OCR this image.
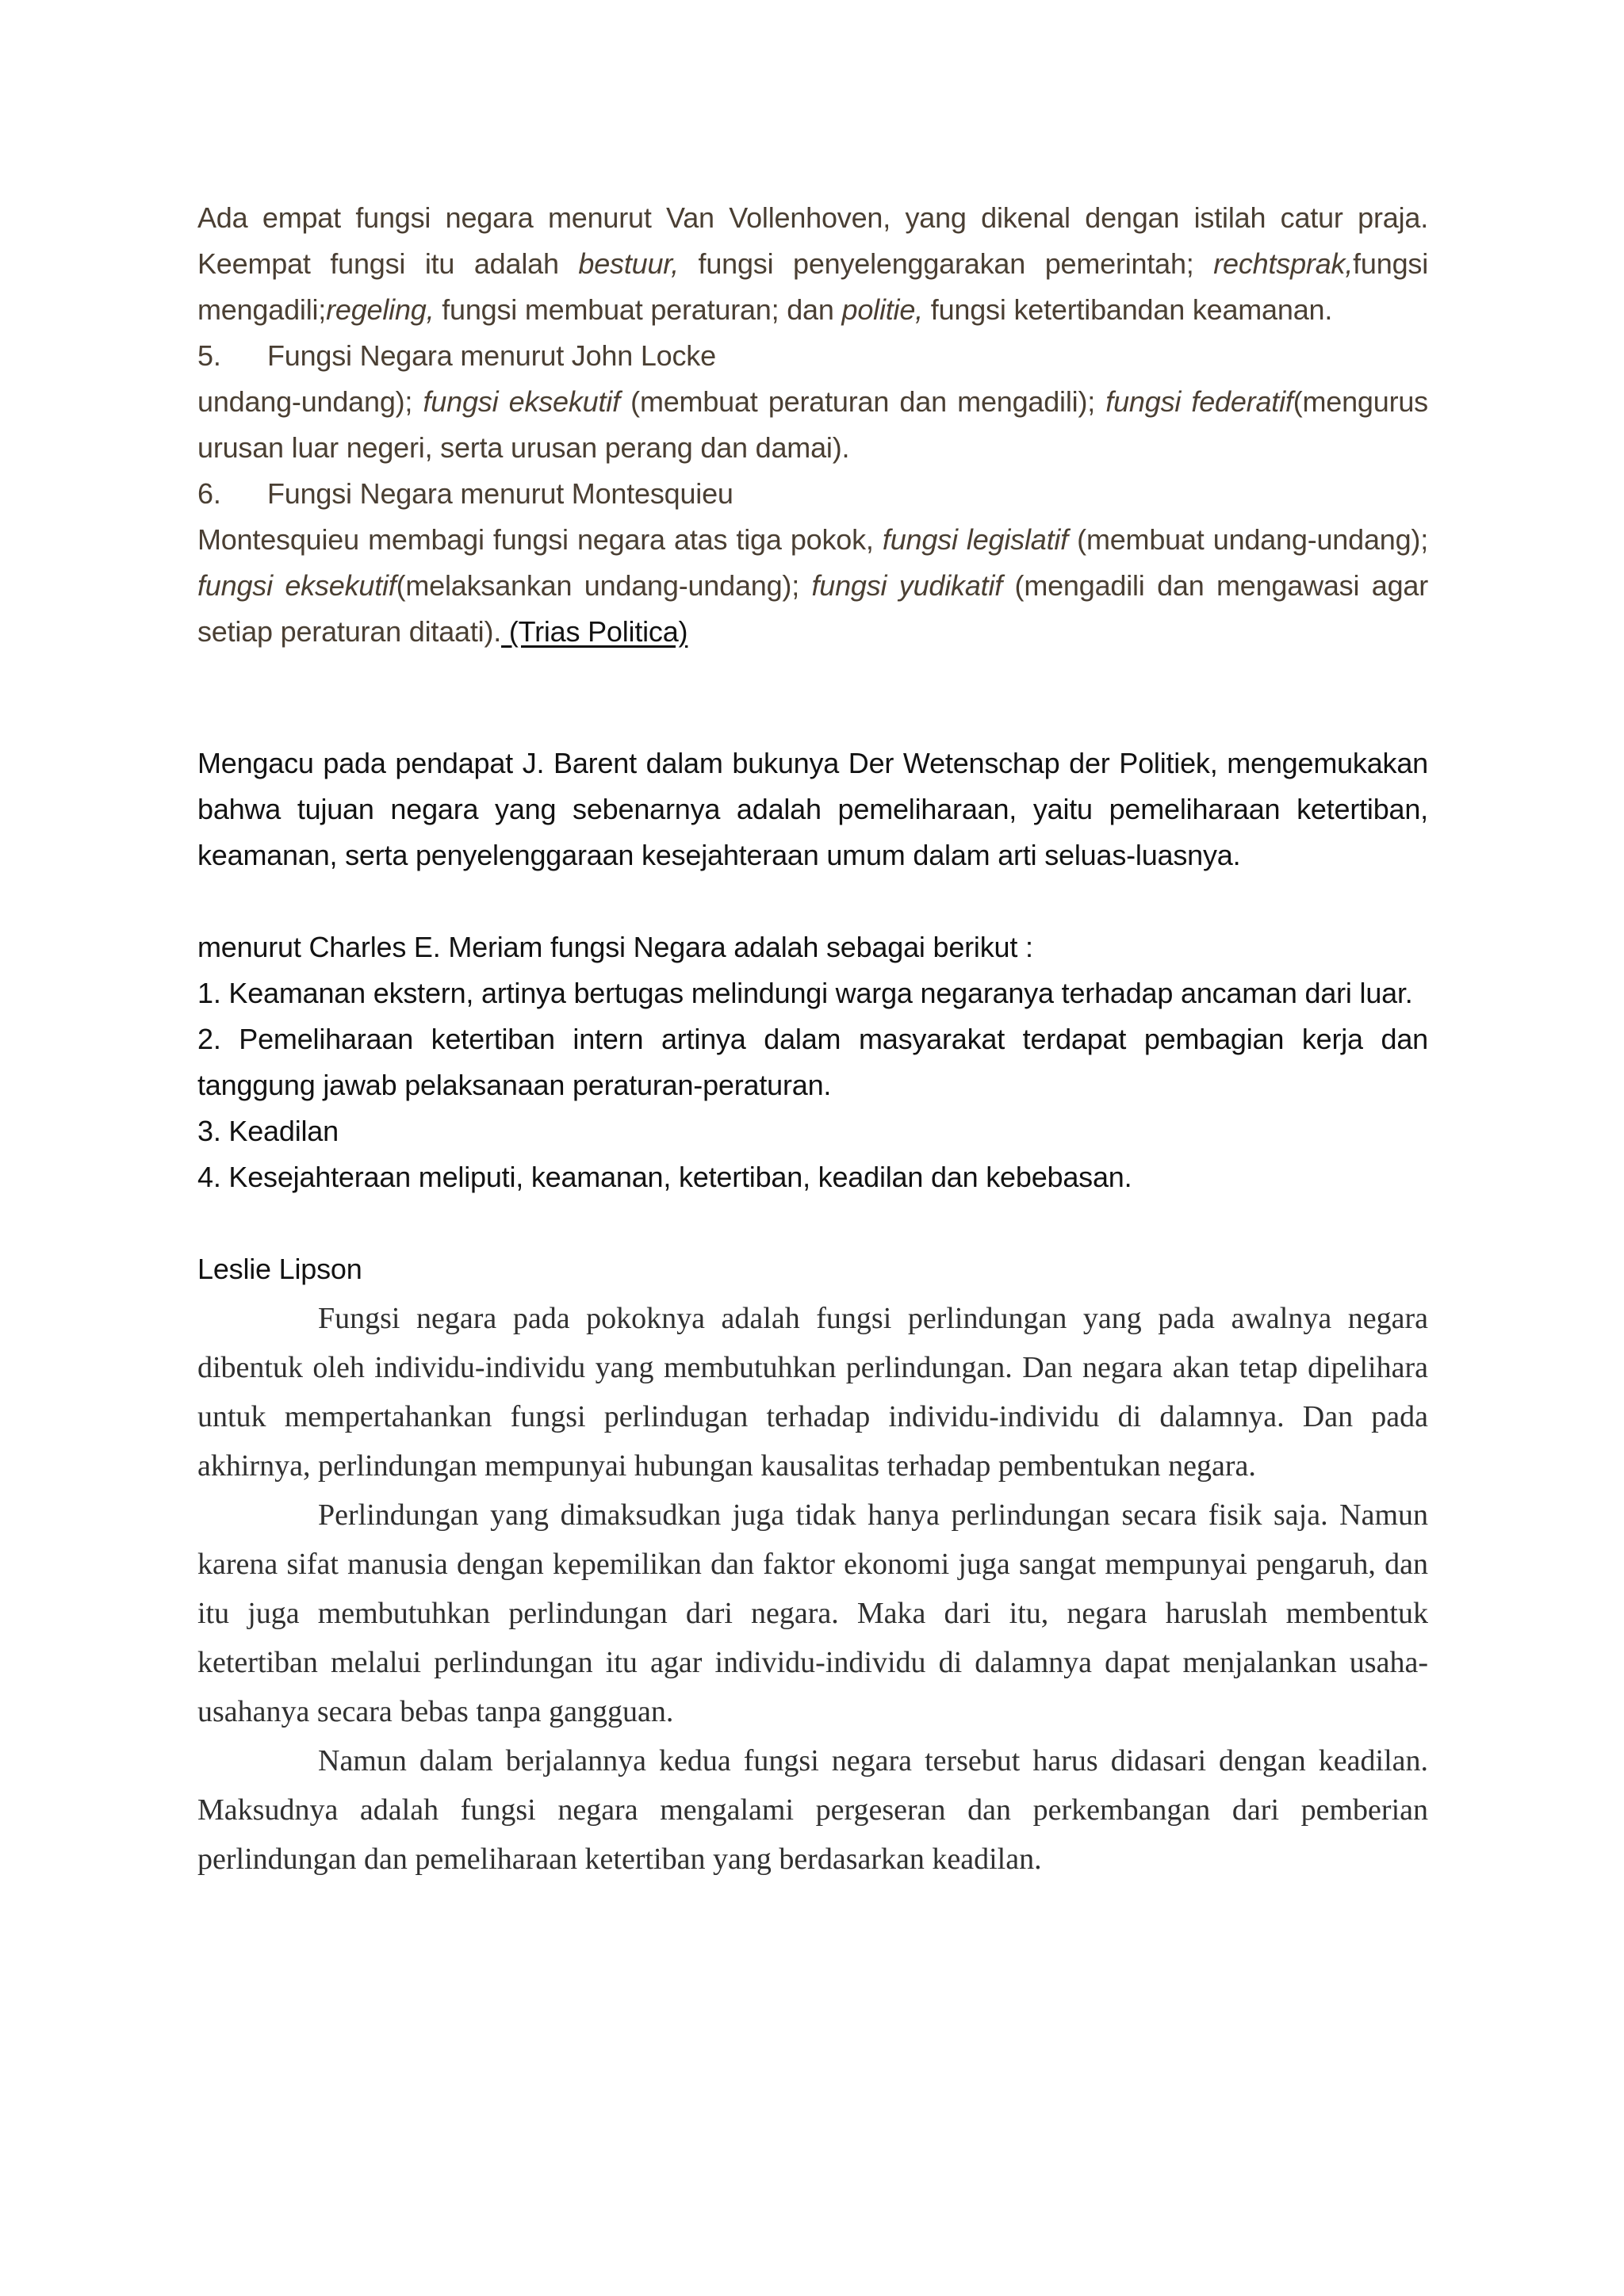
Ada empat fungsi negara menurut Van Vollenhoven, yang dikenal dengan istilah catur praja. Keempat fungsi itu adalah bestuur, fungsi penyelenggarakan pemerintah; rechtsprak,fungsi mengadili;regeling, fungsi membuat peraturan; dan politie, fungsi ketertibandan keamanan.

5. Fungsi Negara menurut John Locke

undang-undang); fungsi eksekutif (membuat peraturan dan mengadili); fungsi federatif(mengurus urusan luar negeri, serta urusan perang dan damai).

6. Fungsi Negara menurut Montesquieu

Montesquieu membagi fungsi negara atas tiga pokok, fungsi legislatif (membuat undang-undang); fungsi eksekutif(melaksankan undang-undang); fungsi yudikatif (mengadili dan mengawasi agar setiap peraturan ditaati). (Trias Politica)

Mengacu pada pendapat J. Barent dalam bukunya Der Wetenschap der Politiek, mengemukakan bahwa tujuan negara yang sebenarnya adalah pemeliharaan, yaitu pemeliharaan ketertiban, keamanan, serta penyelenggaraan kesejahteraan umum dalam arti seluas-luasnya.

menurut Charles E. Meriam fungsi Negara adalah sebagai berikut :

1. Keamanan ekstern, artinya bertugas melindungi warga negaranya terhadap ancaman dari luar.

2. Pemeliharaan ketertiban intern artinya dalam masyarakat terdapat pembagian kerja dan tanggung jawab pelaksanaan peraturan-peraturan.

3. Keadilan

4. Kesejahteraan meliputi, keamanan, ketertiban, keadilan dan kebebasan.

Leslie Lipson

Fungsi negara pada pokoknya adalah fungsi perlindungan yang pada awalnya negara dibentuk oleh individu-individu yang membutuhkan perlindungan. Dan negara akan tetap dipelihara untuk mempertahankan fungsi perlindugan terhadap individu-individu di dalamnya. Dan pada akhirnya, perlindungan mempunyai hubungan kausalitas terhadap pembentukan negara.

Perlindungan yang dimaksudkan juga tidak hanya perlindungan secara fisik saja. Namun karena sifat manusia dengan kepemilikan dan faktor ekonomi juga sangat mempunyai pengaruh, dan itu juga membutuhkan perlindungan dari negara. Maka dari itu, negara haruslah membentuk ketertiban melalui perlindungan itu agar individu-individu di dalamnya dapat menjalankan usaha-usahanya secara bebas tanpa gangguan.

Namun dalam berjalannya kedua fungsi negara tersebut harus didasari dengan keadilan. Maksudnya adalah fungsi negara mengalami pergeseran dan perkembangan dari pemberian perlindungan dan pemeliharaan ketertiban yang berdasarkan keadilan.
